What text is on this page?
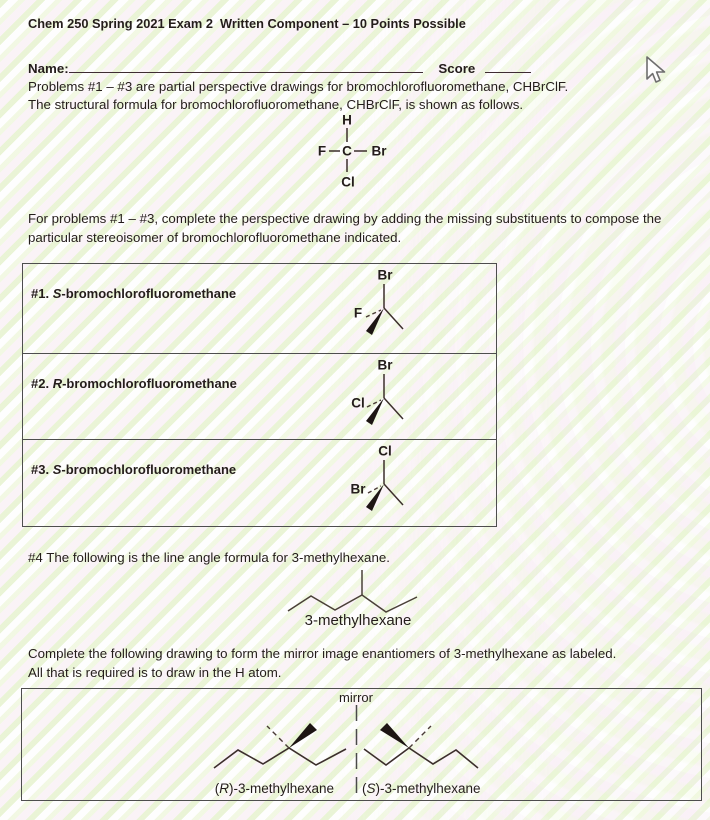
Chem 250 Spring 2021 Exam 2  Written Component – 10 Points Possible
Name:	Score
Problems #1 – #3 are partial perspective drawings for bromochlorofluoromethane, CHBrClF.
The structural formula for bromochlorofluoromethane, CHBrClF, is shown as follows.
H
F C Br
Cl
For problems #1 – #3, complete the perspective drawing by adding the missing substituents to compose the particular stereoisomer of bromochlorofluoromethane indicated.
#1. S-bromochlorofluoromethane
Br
F
#2. R-bromochlorofluoromethane
Br
Cl
#3. S-bromochlorofluoromethane
Cl
Br
#4 The following is the line angle formula for 3-methylhexane.
3-methylhexane
Complete the following drawing to form the mirror image enantiomers of 3-methylhexane as labeled.
All that is required is to draw in the H atom.
mirror
(R)-3-methylhexane (S)-3-methylhexane
